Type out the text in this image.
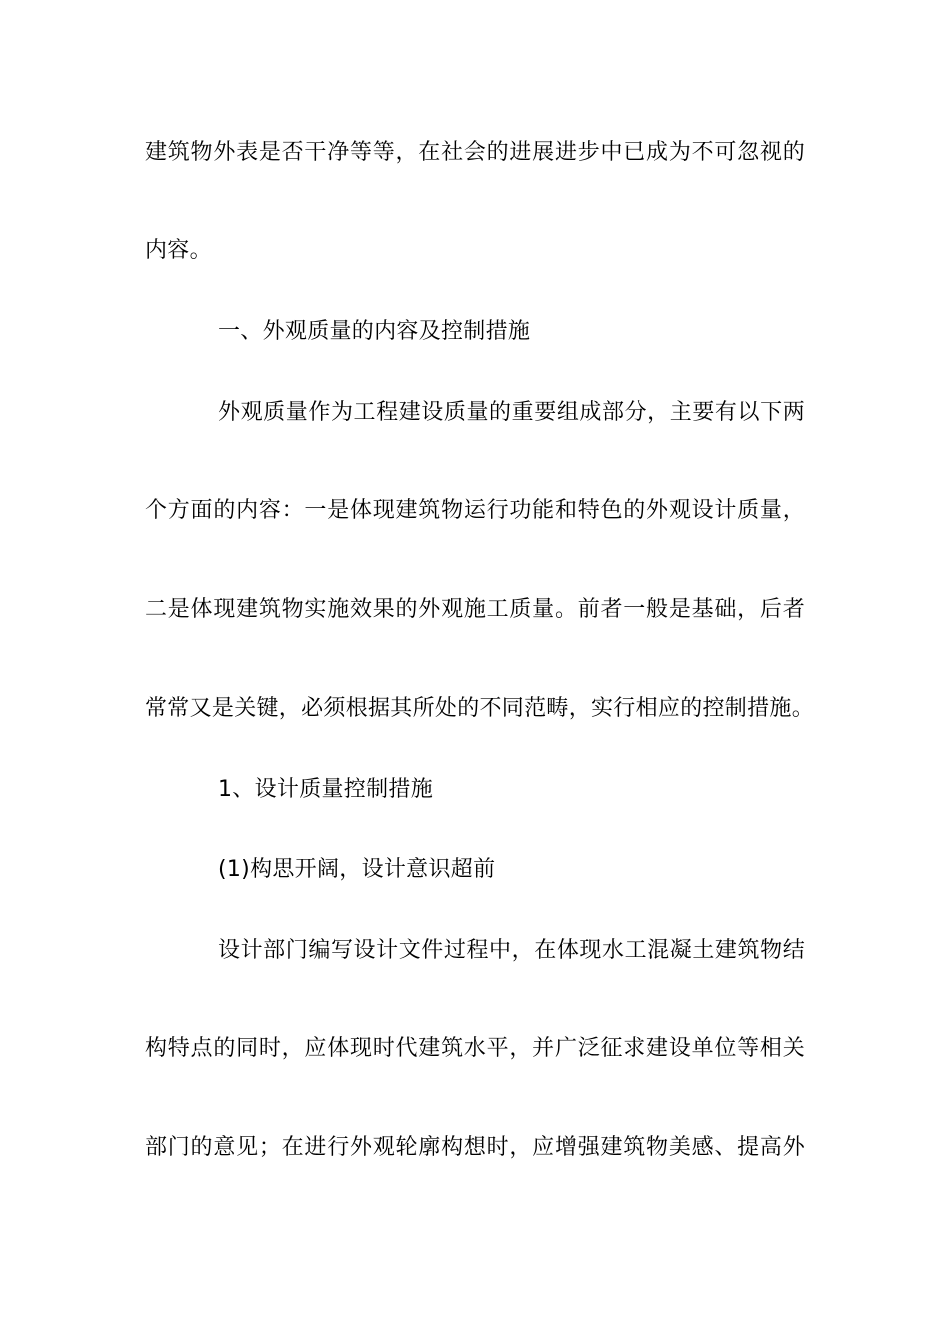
建筑物外表是否干净等等，在社会的进展进步中已成为不可忽视的
内容。
一、外观质量的内容及控制措施
外观质量作为工程建设质量的重要组成部分，主要有以下两
个方面的内容：一是体现建筑物运行功能和特色的外观设计质量，
二是体现建筑物实施效果的外观施工质量。前者一般是基础，后者
常常又是关键，必须根据其所处的不同范畴，实行相应的控制措施。
1、设计质量控制措施
(1)构思开阔，设计意识超前
设计部门编写设计文件过程中，在体现水工混凝土建筑物结
构特点的同时，应体现时代建筑水平，并广泛征求建设单位等相关
部门的意见；在进行外观轮廓构想时，应增强建筑物美感、提高外
